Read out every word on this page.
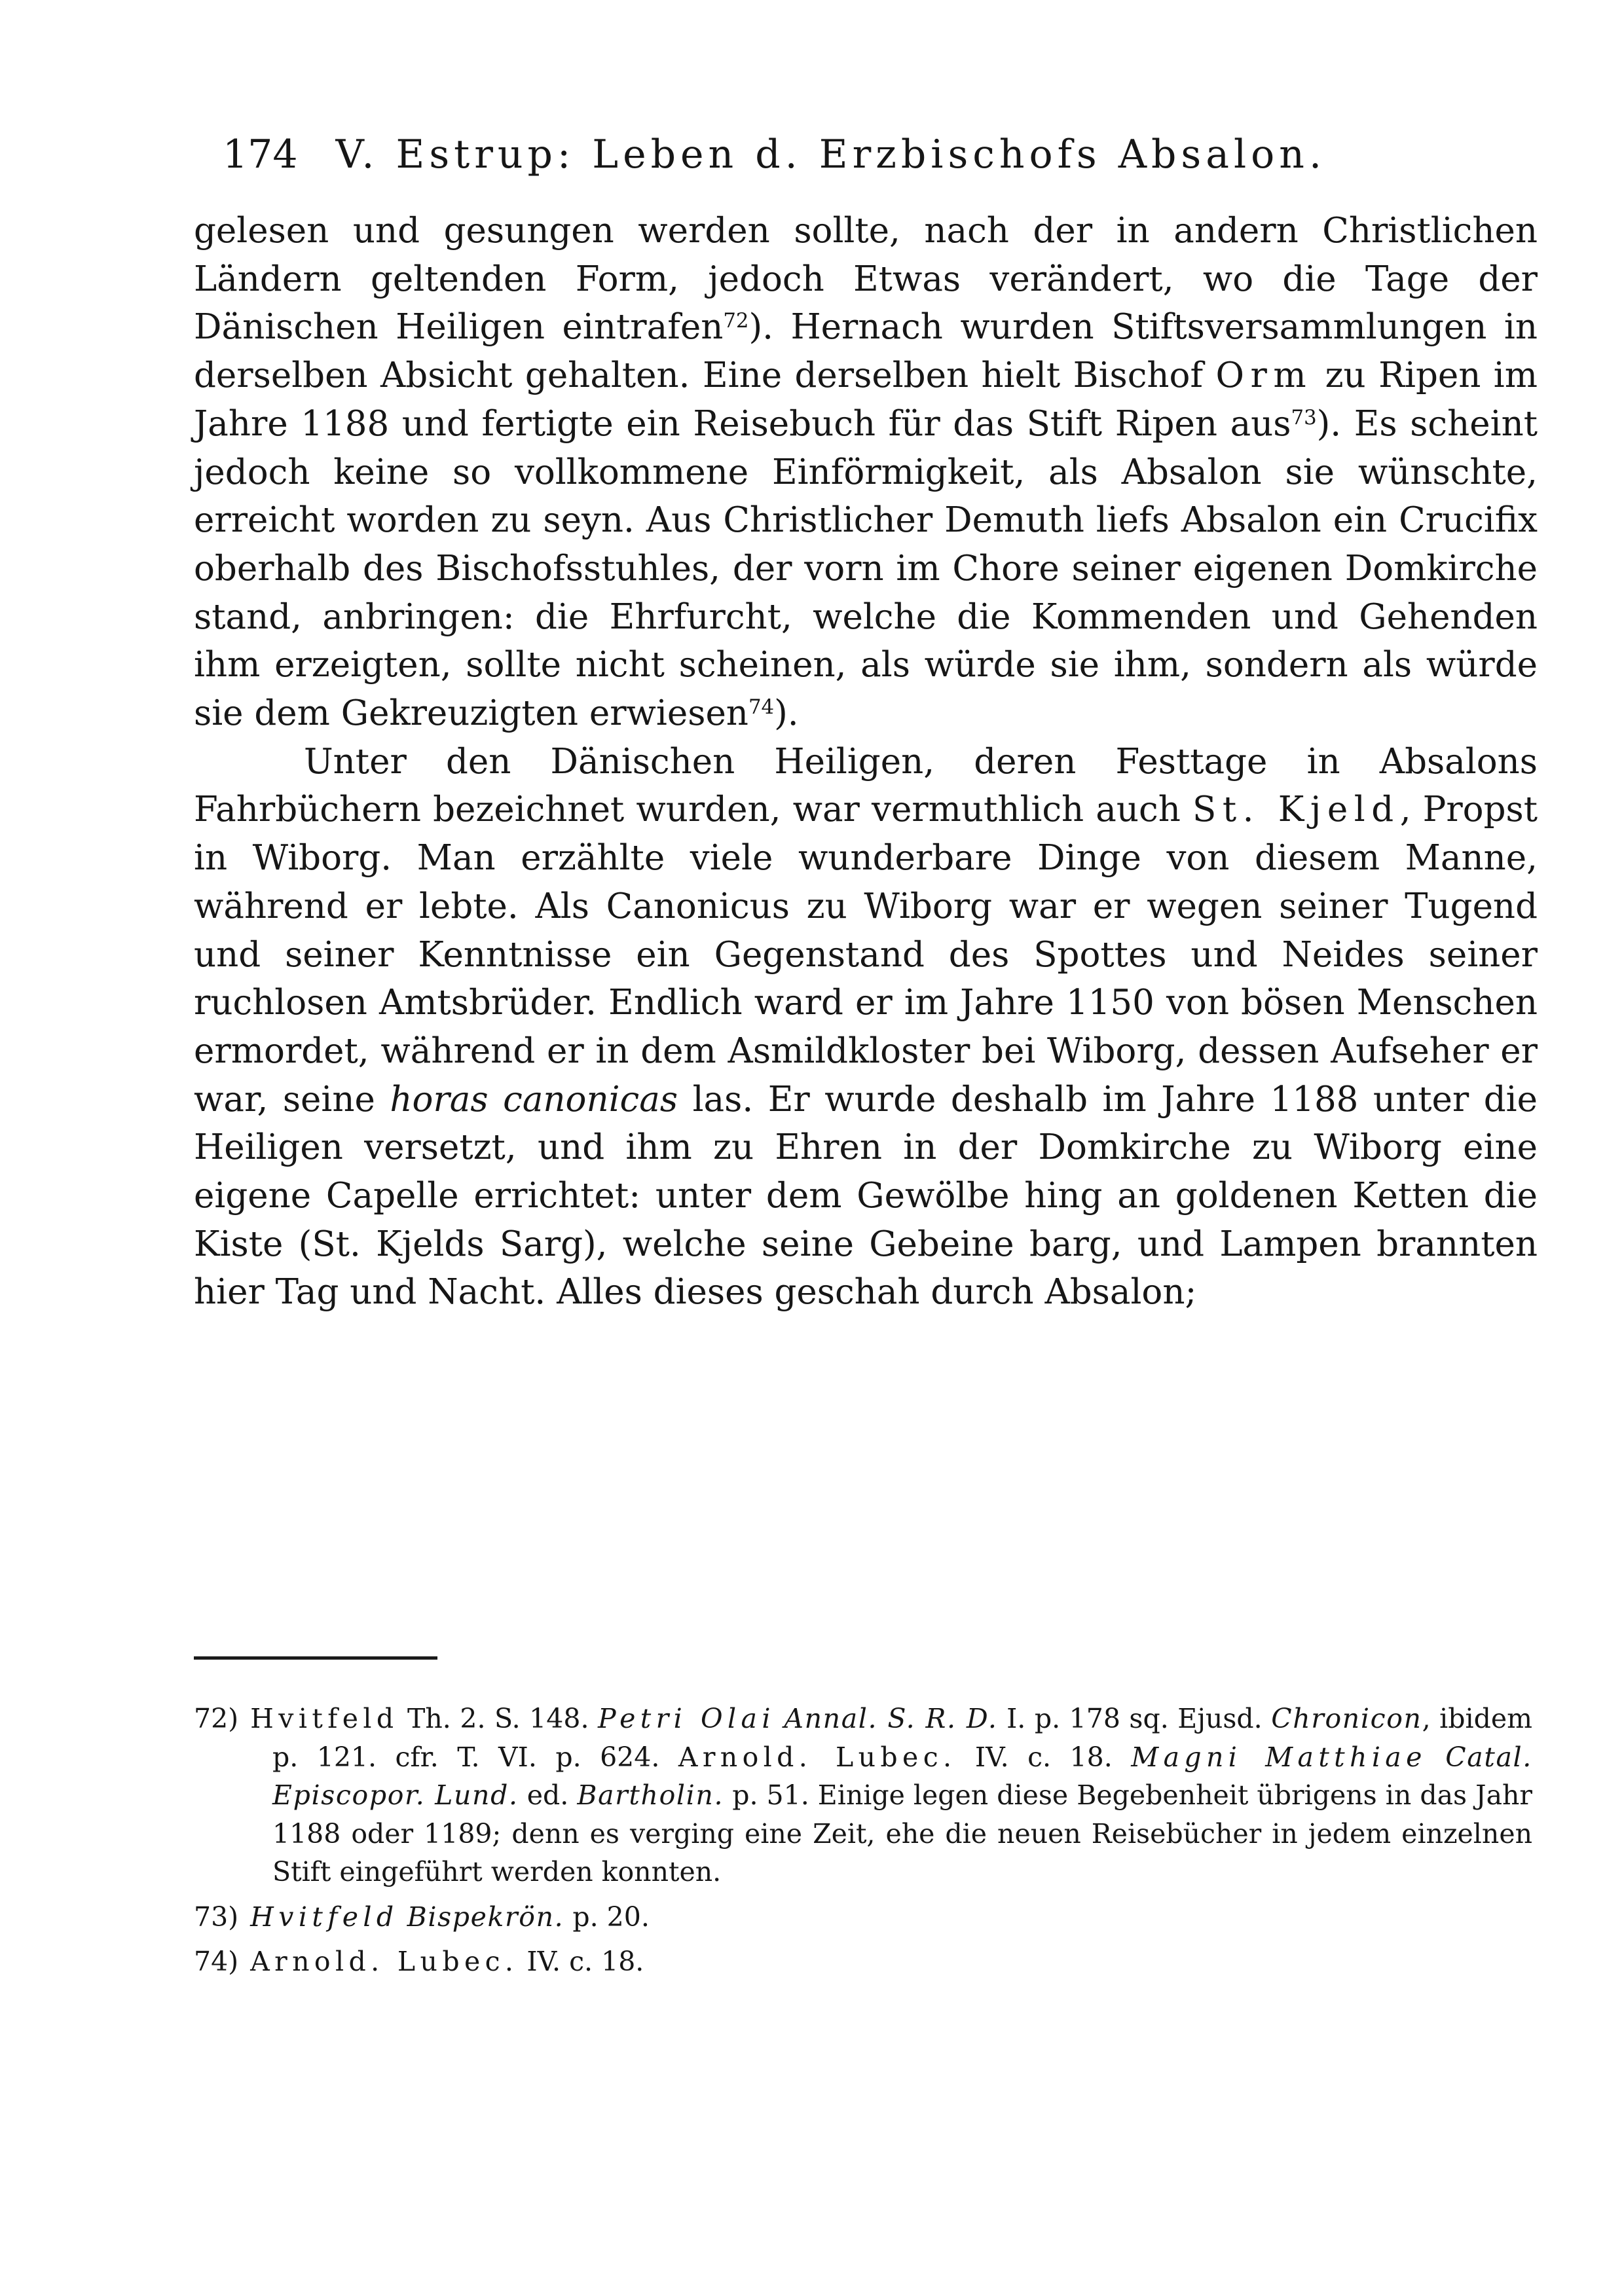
174 V. Estrup: Leben d. Erzbischofs Absalon.

gelesen und gesungen werden sollte, nach der in andern Christlichen Ländern geltenden Form, jedoch Etwas verändert, wo die Tage der Dänischen Heiligen eintrafen$^{72}$). Hernach wurden Stiftsversammlungen in derselben Absicht gehalten. Eine derselben hielt Bischof Orm zu Ripen im Jahre 1188 und fertigte ein Reisebuch für das Stift Ripen aus$^{73}$). Es scheint jedoch keine so vollkommene Einförmigkeit, als Absalon sie wünschte, erreicht worden zu seyn. Aus Christlicher Demuth liefs Absalon ein Crucifix oberhalb des Bischofsstuhles, der vorn im Chore seiner eigenen Domkirche stand, anbringen: die Ehrfurcht, welche die Kommenden und Gehenden ihm erzeigten, sollte nicht scheinen, als würde sie ihm, sondern als würde sie dem Gekreuzigten erwiesen$^{74}$).

Unter den Dänischen Heiligen, deren Festtage in Absalons Fahrbüchern bezeichnet wurden, war vermuthlich auch St. Kjeld, Propst in Wiborg. Man erzählte viele wunderbare Dinge von diesem Manne, während er lebte. Als Canonicus zu Wiborg war er wegen seiner Tugend und seiner Kenntnisse ein Gegenstand des Spottes und Neides seiner ruchlosen Amtsbrüder. Endlich ward er im Jahre 1150 von bösen Menschen ermordet, während er in dem Asmildkloster bei Wiborg, dessen Aufseher er war, seine horas canonicas las. Er wurde deshalb im Jahre 1188 unter die Heiligen versetzt, und ihm zu Ehren in der Domkirche zu Wiborg eine eigene Capelle errichtet: unter dem Gewölbe hing an goldenen Ketten die Kiste (St. Kjelds Sarg), welche seine Gebeine barg, und Lampen brannten hier Tag und Nacht. Alles dieses geschah durch Absalon;

72) Hvitfeld Th. 2. S. 148. Petri Olai Annal. S. R. D. I. p. 178 sq. Ejusd. Chronicon, ibidem p. 121. cfr. T. VI. p. 624. Arnold. Lubec. IV. c. 18. Magni Matthiae Catal. Episcopor. Lund. ed. Bartholin. p. 51. Einige legen diese Begebenheit übrigens in das Jahr 1188 oder 1189; denn es verging eine Zeit, ehe die neuen Reisebücher in jedem einzelnen Stift eingeführt werden konnten.

73) Hvitfeld Bispekrön. p. 20.

74) Arnold. Lubec. IV. c. 18.
